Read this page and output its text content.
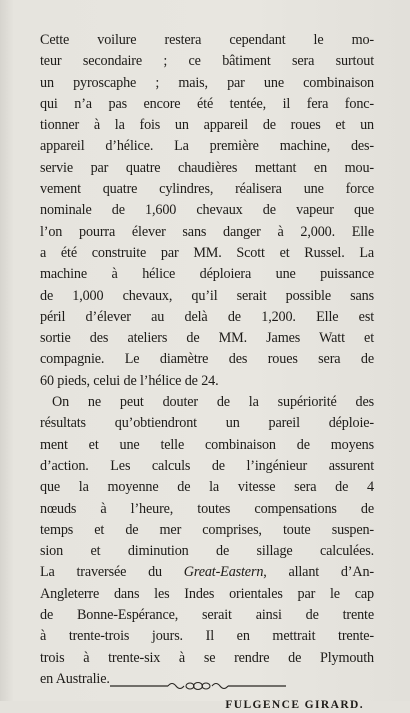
Cette voilure restera cependant le mo-
teur secondaire ; ce bâtiment sera surtout
un pyroscaphe ; mais, par une combinaison
qui n’a pas encore été tentée, il fera fonc-
tionner à la fois un appareil de roues et un
appareil d’hélice. La première machine, des-
servie par quatre chaudières mettant en mou-
vement quatre cylindres, réalisera une force
nominale de 1,600 chevaux de vapeur que
l’on pourra élever sans danger à 2,000. Elle
a été construite par MM. Scott et Russel. La
machine à hélice déploiera une puissance
de 1,000 chevaux, qu’il serait possible sans
péril d’élever au delà de 1,200. Elle est
sortie des ateliers de MM. James Watt et
compagnie. Le diamètre des roues sera de
60 pieds, celui de l’hélice de 24.
On ne peut douter de la supériorité des
résultats qu’obtiendront un pareil déploie-
ment et une telle combinaison de moyens
d’action. Les calculs de l’ingénieur assurent
que la moyenne de la vitesse sera de 4
nœuds à l’heure, toutes compensations de
temps et de mer comprises, toute suspen-
sion et diminution de sillage calculées.
La traversée du Great-Eastern, allant d’An-
Angleterre dans les Indes orientales par le cap
de Bonne-Espérance, serait ainsi de trente
à trente-trois jours. Il en mettrait trente-
trois à trente-six à se rendre de Plymouth
en Australie.
FULGENCE GIRARD.
